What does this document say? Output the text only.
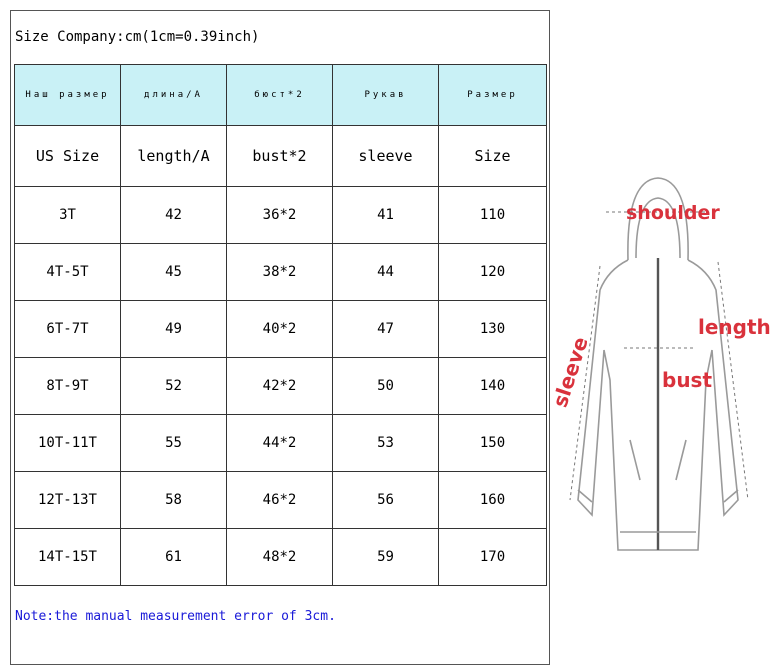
Size Company:cm(1cm=0.39inch)
Наш размер	длина/А	бюст*2	Рукав	Размер
US Size	length/A	bust*2	sleeve	Size
3T	42	36*2	41	110
4T-5T	45	38*2	44	120
6T-7T	49	40*2	47	130
8T-9T	52	42*2	50	140
10T-11T	55	44*2	53	150
12T-13T	58	46*2	56	160
14T-15T	61	48*2	59	170
Note:the manual measurement error of 3cm.
shoulder
length
bust
sleeve
